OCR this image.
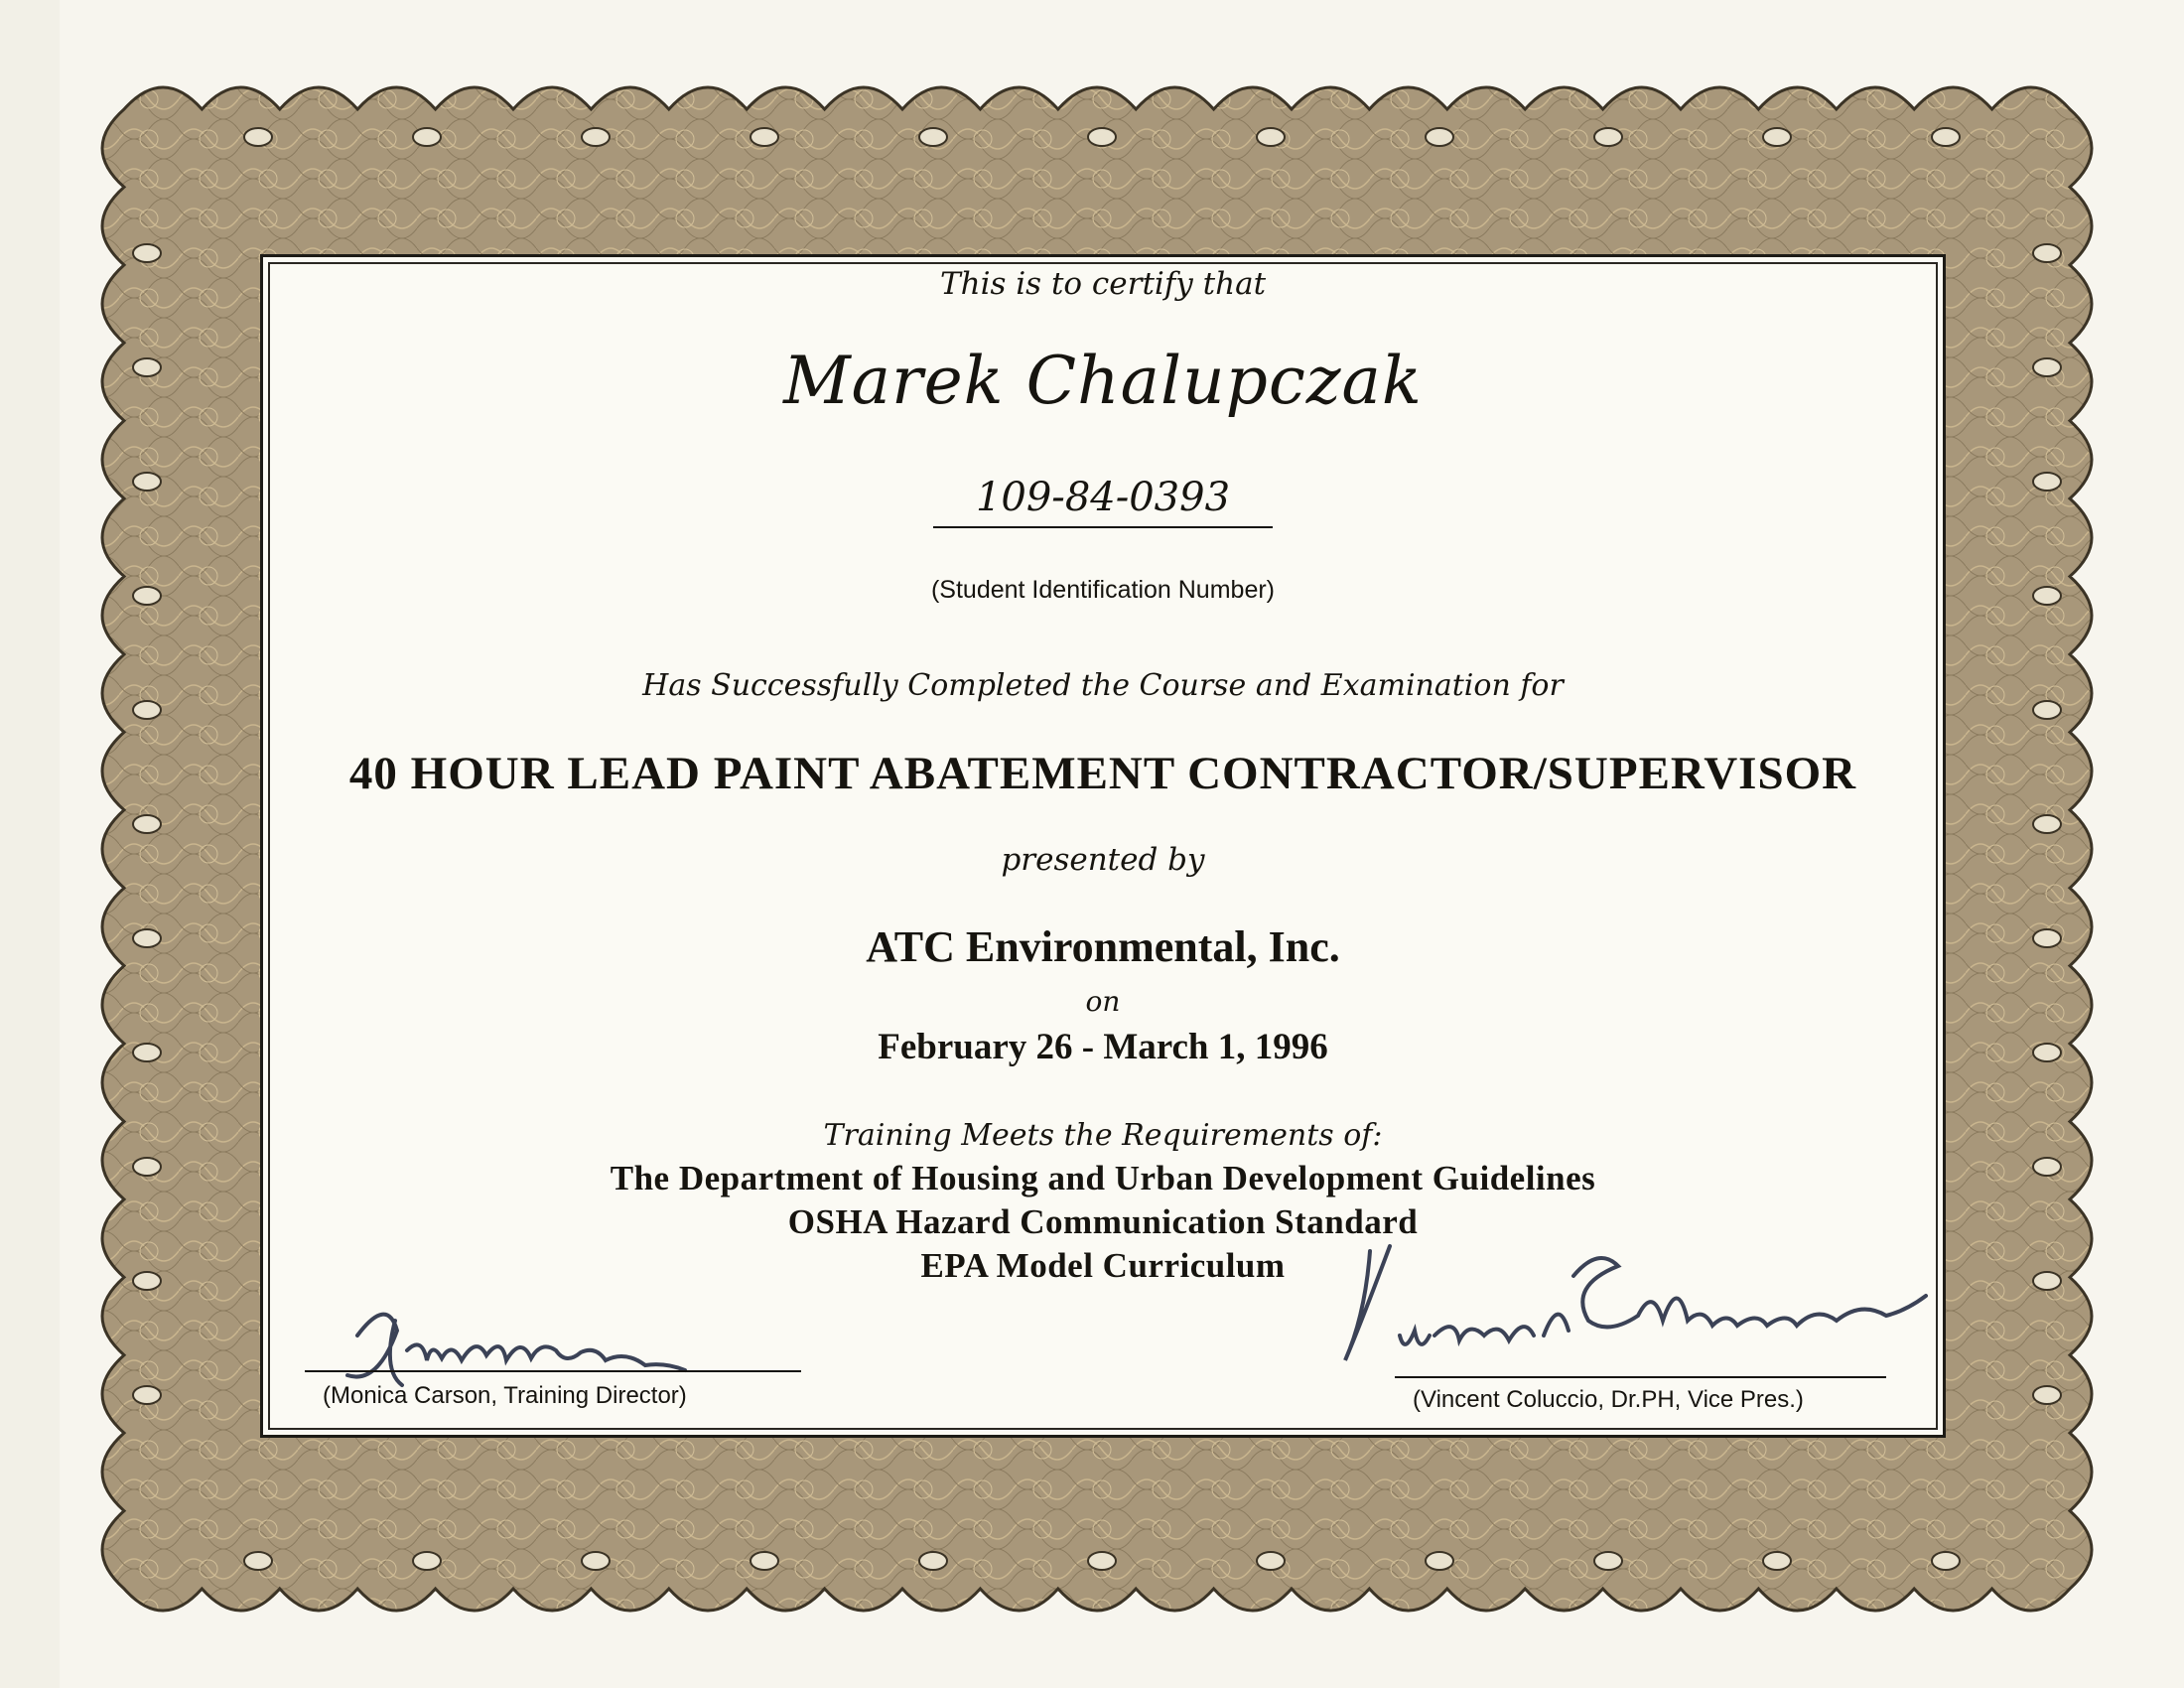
This is to certify that
Marek Chalupczak
109-84-0393
(Student Identification Number)
Has Successfully Completed the Course and Examination for
40 HOUR LEAD PAINT ABATEMENT CONTRACTOR/SUPERVISOR
presented by
ATC Environmental, Inc.
on
February 26 - March 1, 1996
Training Meets the Requirements of:
The Department of Housing and Urban Development Guidelines
OSHA Hazard Communication Standard
EPA Model Curriculum
(Monica Carson, Training Director)	(Vincent Coluccio, Dr.PH, Vice Pres.)
